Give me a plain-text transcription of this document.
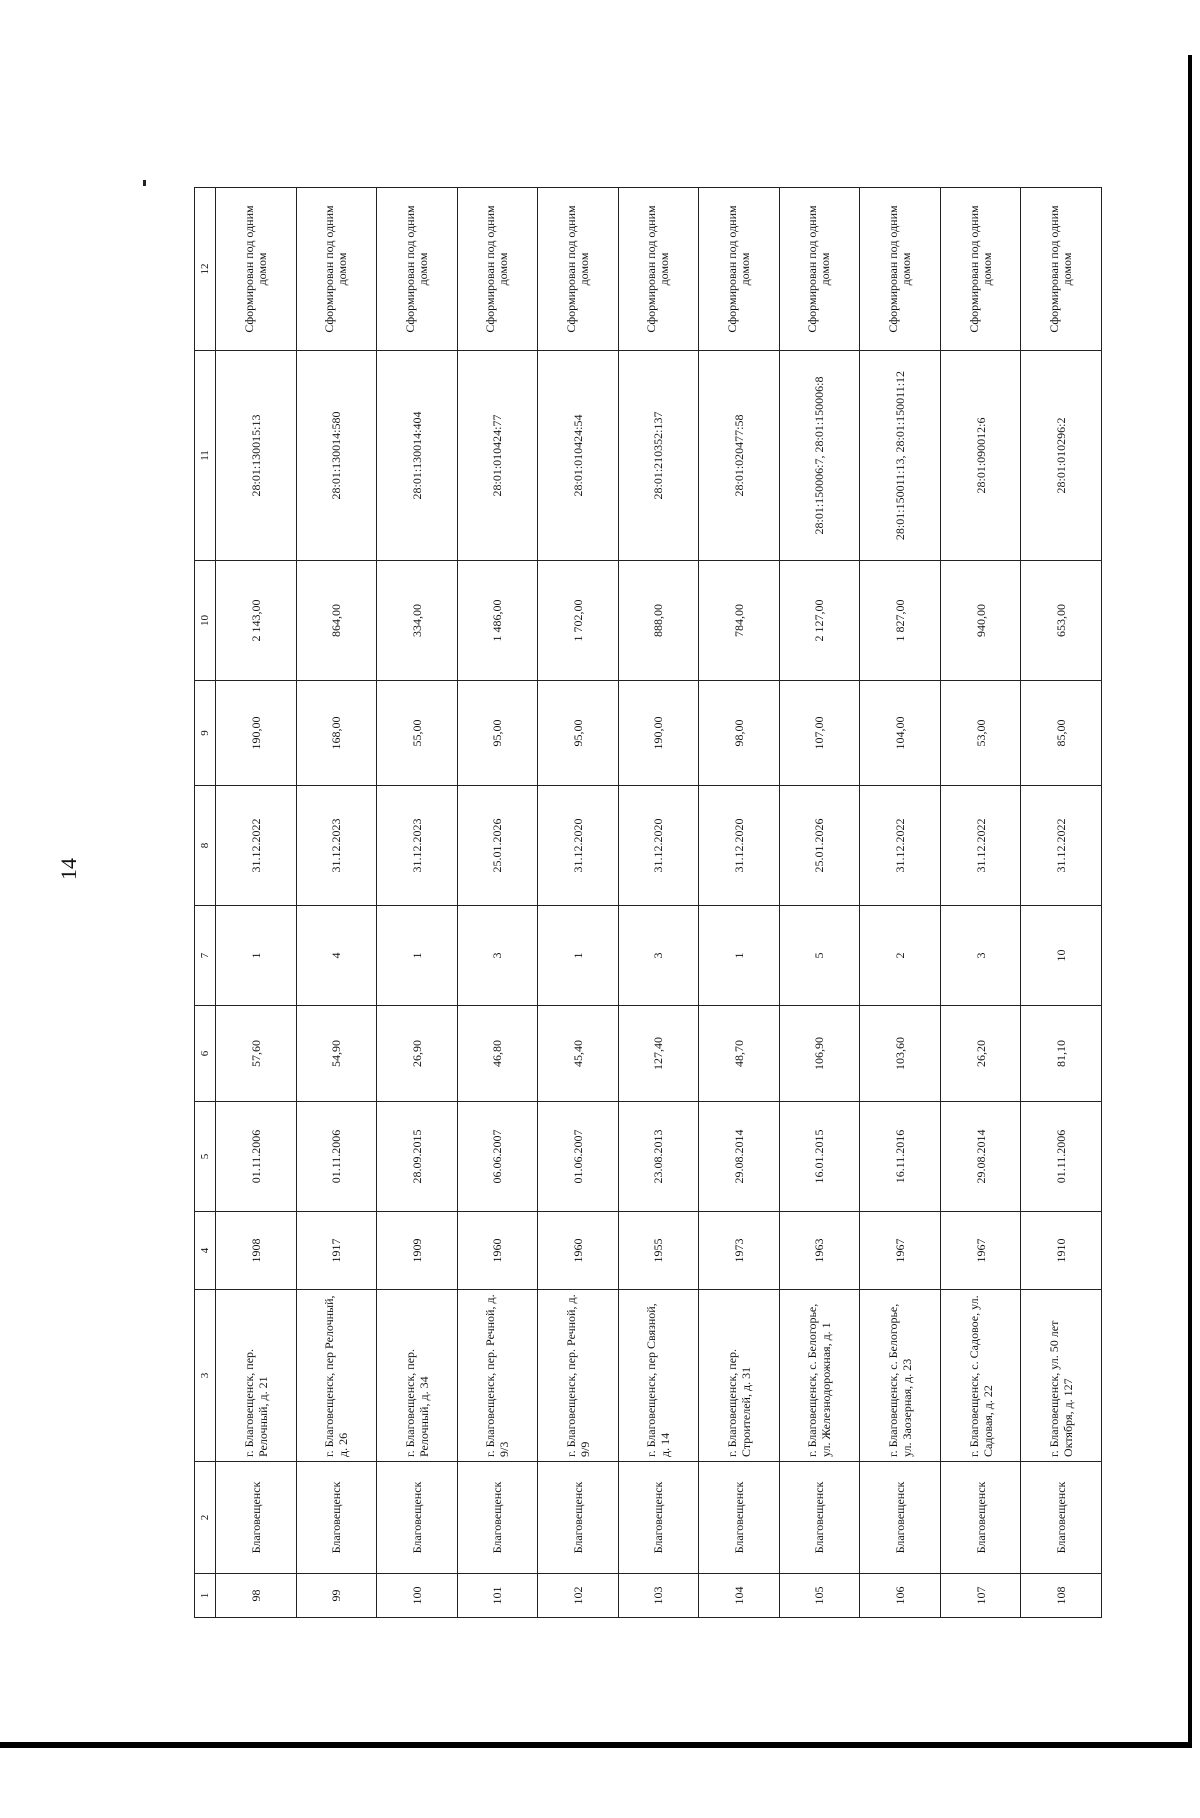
14
1	2	3	4	5	6	7	8	9	10	11	12
98	Благовещенск	г. Благовещенск, пер. Релочный, д. 21	1908	01.11.2006	57,60	1	31.12.2022	190,00	2 143,00	28:01:130015:13	Сформирован под одним домом
99	Благовещенск	г. Благовещенск, пер Релочный, д. 26	1917	01.11.2006	54,90	4	31.12.2023	168,00	864,00	28:01:130014:580	Сформирован под одним домом
100	Благовещенск	г. Благовещенск, пер. Релочный, д. 34	1909	28.09.2015	26,90	1	31.12.2023	55,00	334,00	28:01:130014:404	Сформирован под одним домом
101	Благовещенск	г. Благовещенск, пер. Речной, д. 9/3	1960	06.06.2007	46,80	3	25.01.2026	95,00	1 486,00	28:01:010424:77	Сформирован под одним домом
102	Благовещенск	г. Благовещенск, пер. Речной, д. 9/9	1960	01.06.2007	45,40	1	31.12.2020	95,00	1 702,00	28:01:010424:54	Сформирован под одним домом
103	Благовещенск	г. Благовещенск, пер Связной, д. 14	1955	23.08.2013	127,40	3	31.12.2020	190,00	888,00	28:01:210352:137	Сформирован под одним домом
104	Благовещенск	г. Благовещенск, пер. Строителей, д. 31	1973	29.08.2014	48,70	1	31.12.2020	98,00	784,00	28:01:020477:58	Сформирован под одним домом
105	Благовещенск	г. Благовещенск, с. Белогорье, ул. Железнодорожная, д. 1	1963	16.01.2015	106,90	5	25.01.2026	107,00	2 127,00	28:01:150006:7, 28:01:150006:8	Сформирован под одним домом
106	Благовещенск	г. Благовещенск, с. Белогорье, ул. Заозерная, д. 23	1967	16.11.2016	103,60	2	31.12.2022	104,00	1 827,00	28:01:150011:13, 28:01:150011:12	Сформирован под одним домом
107	Благовещенск	г. Благовещенск, с. Садовое, ул. Садовая, д. 22	1967	29.08.2014	26,20	3	31.12.2022	53,00	940,00	28:01:090012:6	Сформирован под одним домом
108	Благовещенск	г. Благовещенск, ул. 50 лет Октября, д. 127	1910	01.11.2006	81,10	10	31.12.2022	85,00	653,00	28:01:010296:2	Сформирован под одним домом
